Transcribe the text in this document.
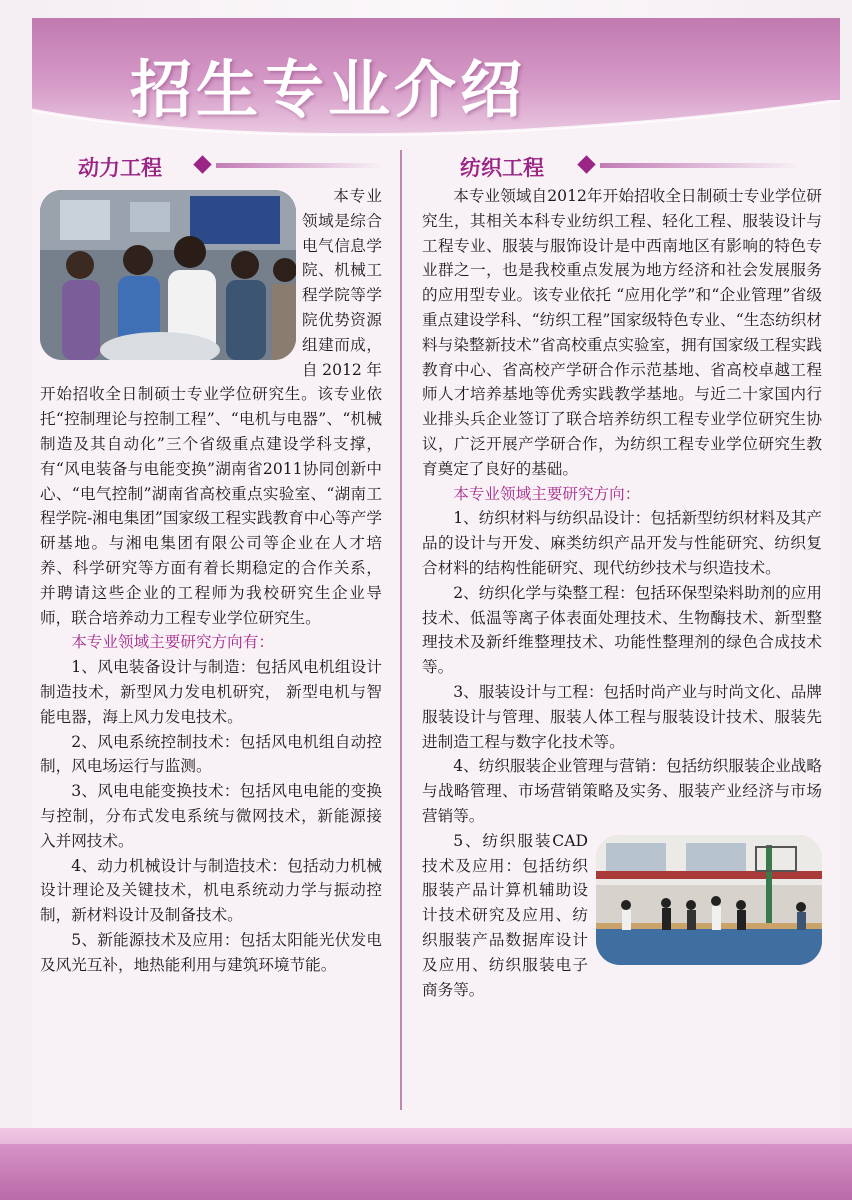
招生专业介绍
动力工程

本专业领域是综合电气信息学院、机械工程学院等学院优势资源组建而成，自2012年开始招收全日制硕士专业学位研究生。该专业依托“控制理论与控制工程”、“电机与电器”、“机械制造及其自动化”三个省级重点建设学科支撑，有“风电装备与电能变换”湖南省2011协同创新中心、“电气控制”湖南省高校重点实验室、“湖南工程学院-湘电集团”国家级工程实践教育中心等产学研基地。与湘电集团有限公司等企业在人才培养、科学研究等方面有着长期稳定的合作关系，并聘请这些企业的工程师为我校研究生企业导师，联合培养动力工程专业学位研究生。

本专业领域主要研究方向有：

1、风电装备设计与制造：包括风电机组设计制造技术，新型风力发电机研究， 新型电机与智能电器，海上风力发电技术。

2、风电系统控制技术：包括风电机组自动控制，风电场运行与监测。

3、风电电能变换技术：包括风电电能的变换与控制，分布式发电系统与微网技术，新能源接入并网技术。

4、动力机械设计与制造技术：包括动力机械设计理论及关键技术，机电系统动力学与振动控制，新材料设计及制备技术。

5、新能源技术及应用：包括太阳能光伏发电及风光互补，地热能利用与建筑环境节能。

纺织工程

本专业领域自2012年开始招收全日制硕士专业学位研究生，其相关本科专业纺织工程、轻化工程、服装设计与工程专业、服装与服饰设计是中西南地区有影响的特色专业群之一，也是我校重点发展为地方经济和社会发展服务的应用型专业。该专业依托 “应用化学”和“企业管理”省级重点建设学科、“纺织工程”国家级特色专业、“生态纺织材料与染整新技术”省高校重点实验室，拥有国家级工程实践教育中心、省高校产学研合作示范基地、省高校卓越工程师人才培养基地等优秀实践教学基地。与近二十家国内行业排头兵企业签订了联合培养纺织工程专业学位研究生协议，广泛开展产学研合作，为纺织工程专业学位研究生教育奠定了良好的基础。

本专业领域主要研究方向：

1、纺织材料与纺织品设计：包括新型纺织材料及其产品的设计与开发、麻类纺织产品开发与性能研究、纺织复合材料的结构性能研究、现代纺纱技术与织造技术。

2、纺织化学与染整工程：包括环保型染料助剂的应用技术、低温等离子体表面处理技术、生物酶技术、新型整理技术及新纤维整理技术、功能性整理剂的绿色合成技术等。

3、服装设计与工程：包括时尚产业与时尚文化、品牌服装设计与管理、服装人体工程与服装设计技术、服装先进制造工程与数字化技术等。

4、纺织服装企业管理与营销：包括纺织服装企业战略与战略管理、市场营销策略及实务、服装产业经济与市场营销等。

5、纺织服装CAD技术及应用：包括纺织服装产品计算机辅助设计技术研究及应用、纺织服装产品数据库设计及应用、纺织服装电子商务等。
